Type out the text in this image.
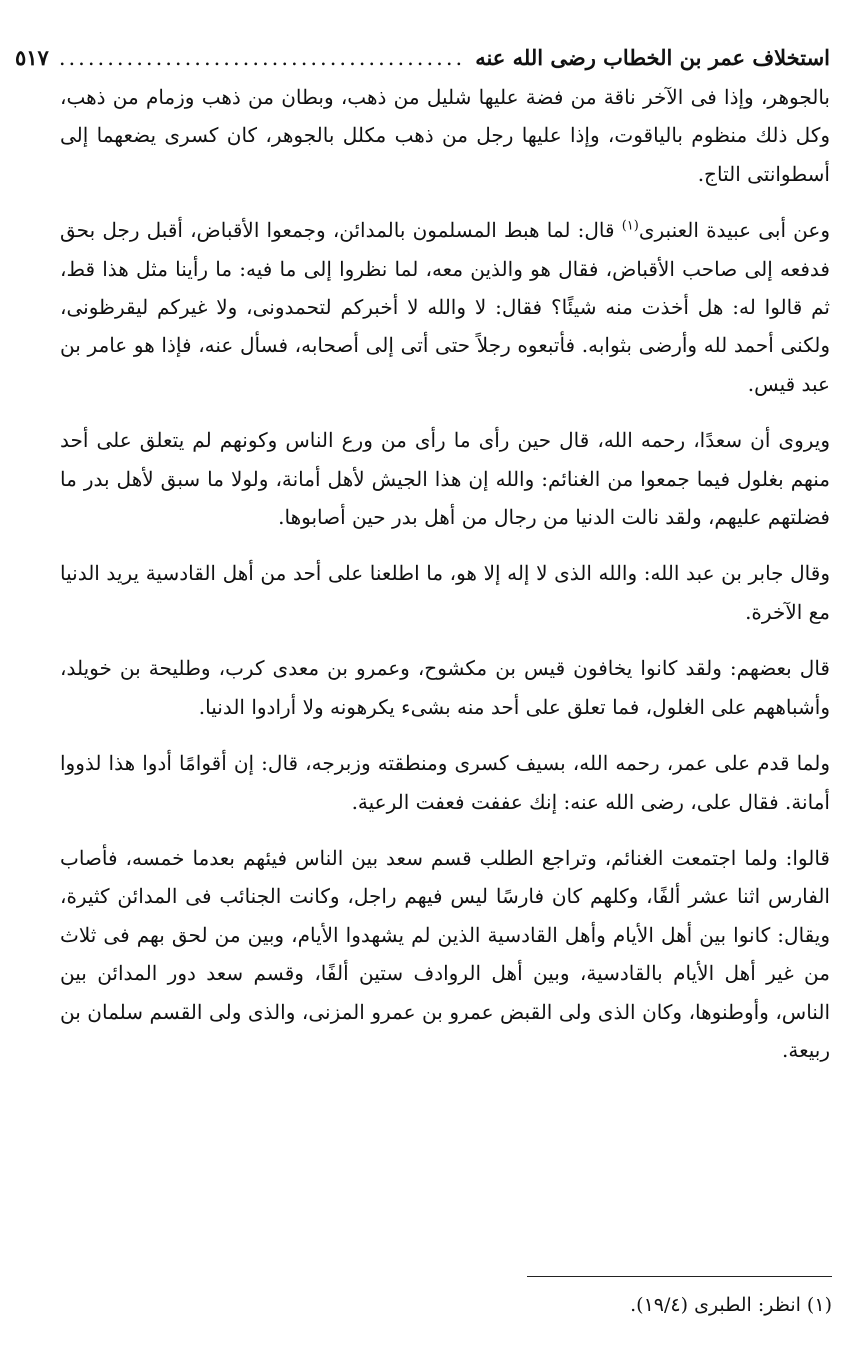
استخلاف عمر بن الخطاب رضى الله عنه
..........................................
٥١٧

بالجوهر، وإذا فى الآخر ناقة من فضة عليها شليل من ذهب، وبطان من ذهب وزمام من ذهب، وكل ذلك منظوم بالياقوت، وإذا عليها رجل من ذهب مكلل بالجوهر، كان كسرى يضعهما إلى أسطوانتى التاج.

وعن أبى عبيدة العنبرى$^{(١)}$ قال: لما هبط المسلمون بالمدائن، وجمعوا الأقباض، أقبل رجل بحق فدفعه إلى صاحب الأقباض، فقال هو والذين معه، لما نظروا إلى ما فيه: ما رأينا مثل هذا قط، ثم قالوا له: هل أخذت منه شيئًا؟ فقال: لا والله لا أخبركم لتحمدونى، ولا غيركم ليقرظونى، ولكنى أحمد لله وأرضى بثوابه. فأتبعوه رجلاً حتى أتى إلى أصحابه، فسأل عنه، فإذا هو عامر بن عبد قيس.

ويروى أن سعدًا، رحمه الله، قال حين رأى ما رأى من ورع الناس وكونهم لم يتعلق على أحد منهم بغلول فيما جمعوا من الغنائم: والله إن هذا الجيش لأهل أمانة، ولولا ما سبق لأهل بدر ما فضلتهم عليهم، ولقد نالت الدنيا من رجال من أهل بدر حين أصابوها.

وقال جابر بن عبد الله: والله الذى لا إله إلا هو، ما اطلعنا على أحد من أهل القادسية يريد الدنيا مع الآخرة.

قال بعضهم: ولقد كانوا يخافون قيس بن مكشوح، وعمرو بن معدى كرب، وطليحة بن خويلد، وأشباههم على الغلول، فما تعلق على أحد منه بشىء يكرهونه ولا أرادوا الدنيا.

ولما قدم على عمر، رحمه الله، بسيف كسرى ومنطقته وزبرجه، قال: إن أقوامًا أدوا هذا لذووا أمانة. فقال على، رضى الله عنه: إنك عففت فعفت الرعية.

قالوا: ولما اجتمعت الغنائم، وتراجع الطلب قسم سعد بين الناس فيئهم بعدما خمسه، فأصاب الفارس اثنا عشر ألفًا، وكلهم كان فارسًا ليس فيهم راجل، وكانت الجنائب فى المدائن كثيرة، ويقال: كانوا بين أهل الأيام وأهل القادسية الذين لم يشهدوا الأيام، وبين من لحق بهم فى ثلاث من غير أهل الأيام بالقادسية، وبين أهل الروادف ستين ألفًا، وقسم سعد دور المدائن بين الناس، وأوطنوها، وكان الذى ولى القبض عمرو بن عمرو المزنى، والذى ولى القسم سلمان بن ربيعة.

(١) انظر: الطبرى (١٩/٤).
